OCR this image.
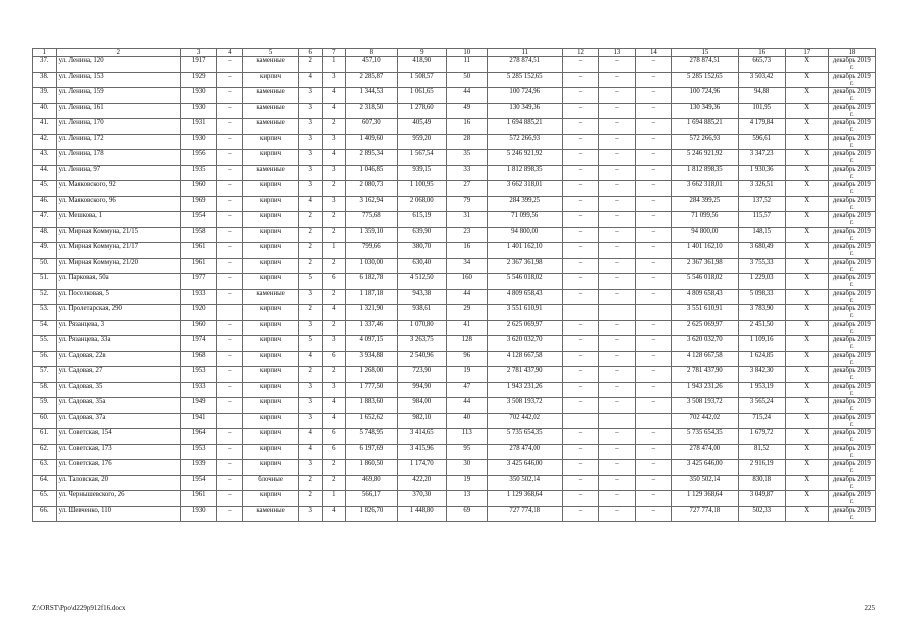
1	2	3	4	5	6	7	8	9	10	11	12	13	14	15	16	17	18
37.	ул. Ленина, 120	1917	–	каменные	2	1	457,10	418,90	11	278 874,51	–	–	–	278 874,51	665,73	Х	декабрь 2019 г.
38.	ул. Ленина, 153	1929	–	кирпич	4	3	2 285,87	1 508,57	50	5 285 152,65	–	–	–	5 285 152,65	3 503,42	Х	декабрь 2019 г.
39.	ул. Ленина, 159	1930	–	каменные	3	4	1 344,53	1 061,65	44	100 724,96	–	–	–	100 724,96	94,88	Х	декабрь 2019 г.
40.	ул. Ленина, 161	1930	–	каменные	3	4	2 318,50	1 278,60	49	130 349,36	–	–	–	130 349,36	101,95	Х	декабрь 2019 г.
41.	ул. Ленина, 170	1931	–	каменные	3	2	607,30	405,49	16	1 694 885,21	–	–	–	1 694 885,21	4 179,84	Х	декабрь 2019 г.
42.	ул. Ленина, 172	1930	–	кирпич	3	3	1 409,60	959,20	28	572 266,93	–	–	–	572 266,93	596,61	Х	декабрь 2019 г.
43.	ул. Ленина, 178	1956	–	кирпич	3	4	2 895,34	1 567,54	35	5 246 921,92	–	–	–	5 246 921,92	3 347,23	Х	декабрь 2019 г.
44.	ул. Ленина, 97	1935	–	каменные	3	3	1 046,85	939,15	33	1 812 898,35	–	–	–	1 812 898,35	1 930,36	Х	декабрь 2019 г.
45.	ул. Маяковского, 92	1960	–	кирпич	3	2	2 080,73	1 100,95	27	3 662 318,01	–	–	–	3 662 318,01	3 326,51	Х	декабрь 2019 г.
46.	ул. Маяковского, 96	1969	–	кирпич	4	3	3 162,94	2 068,00	79	284 399,25	–	–	–	284 399,25	137,52	Х	декабрь 2019 г.
47.	ул. Мешкова, 1	1954	–	кирпич	2	2	775,68	615,19	31	71 099,56	–	–	–	71 099,56	115,57	Х	декабрь 2019 г.
48.	ул. Мирная Коммуна, 21/15	1958	–	кирпич	2	2	1 359,10	639,90	23	94 800,00	–	–	–	94 800,00	148,15	Х	декабрь 2019 г.
49.	ул. Мирная Коммуна, 21/17	1961	–	кирпич	2	1	799,66	380,70	16	1 401 162,10	–	–	–	1 401 162,10	3 680,49	Х	декабрь 2019 г.
50.	ул. Мирная Коммуна, 21/20	1961	–	кирпич	2	2	1 030,00	630,40	34	2 367 361,98	–	–	–	2 367 361,98	3 755,33	Х	декабрь 2019 г.
51.	ул. Парковая, 50а	1977	–	кирпич	5	6	6 182,78	4 512,50	160	5 546 018,02	–	–	–	5 546 018,02	1 229,03	Х	декабрь 2019 г.
52.	ул. Поселковая, 5	1933	–	каменные	3	2	1 187,18	943,38	44	4 809 658,43	–	–	–	4 809 658,43	5 098,33	Х	декабрь 2019 г.
53.	ул. Пролетарская, 290	1920		кирпич	2	4	1 321,90	938,61	29	3 551 610,91				3 551 610,91	3 783,90	Х	декабрь 2019 г.
54.	ул. Рязанцева, 3	1960	–	кирпич	3	2	1 337,46	1 070,80	41	2 625 069,97	–	–	–	2 625 069,97	2 451,50	Х	декабрь 2019 г.
55.	ул. Рязанцева, 33а	1974	–	кирпич	5	3	4 097,15	3 263,75	128	3 620 032,70	–	–	–	3 620 032,70	1 109,16	Х	декабрь 2019 г.
56.	ул. Садовая, 22в	1968	–	кирпич	4	6	3 934,88	2 540,96	96	4 128 667,58	–	–	–	4 128 667,58	1 624,85	Х	декабрь 2019 г.
57.	ул. Садовая, 27	1953	–	кирпич	2	2	1 268,00	723,90	19	2 781 437,90	–	–	–	2 781 437,90	3 842,30	Х	декабрь 2019 г.
58.	ул. Садовая, 35	1933	–	кирпич	3	3	1 777,50	994,90	47	1 943 231,26	–	–	–	1 943 231,26	1 953,19	Х	декабрь 2019 г.
59.	ул. Садовая, 35а	1949	–	кирпич	3	4	1 883,60	984,00	44	3 508 193,72	–	–	–	3 508 193,72	3 565,24	Х	декабрь 2019 г.
60.	ул. Садовая, 37а	1941		кирпич	3	4	1 652,62	982,10	40	702 442,02				702 442,02	715,24	Х	декабрь 2019 г.
61.	ул. Советская, 154	1964	–	кирпич	4	6	5 748,95	3 414,65	113	5 735 654,35	–	–	–	5 735 654,35	1 679,72	Х	декабрь 2019 г.
62.	ул. Советская, 173	1953	–	кирпич	4	6	6 197,69	3 415,96	95	278 474,00	–	–	–	278 474,00	81,52	Х	декабрь 2019 г.
63.	ул. Советская, 176	1939	–	кирпич	3	2	1 860,50	1 174,70	30	3 425 646,00	–	–	–	3 425 646,00	2 916,19	Х	декабрь 2019 г.
64.	ул. Таловская, 20	1954	–	блочные	2	2	469,80	422,20	19	350 502,14	–	–	–	350 502,14	830,18	Х	декабрь 2019 г.
65.	ул. Чернышевского, 26	1961	–	кирпич	2	1	566,17	370,30	13	1 129 368,64	–	–	–	1 129 368,64	3 049,87	Х	декабрь 2019 г.
66.	ул. Шевченко, 110	1930	–	каменные	3	4	1 826,70	1 448,80	69	727 774,18	–	–	–	727 774,18	502,33	Х	декабрь 2019 г.
Z:\ORST\Ppo\d229p912f16.docx	225
